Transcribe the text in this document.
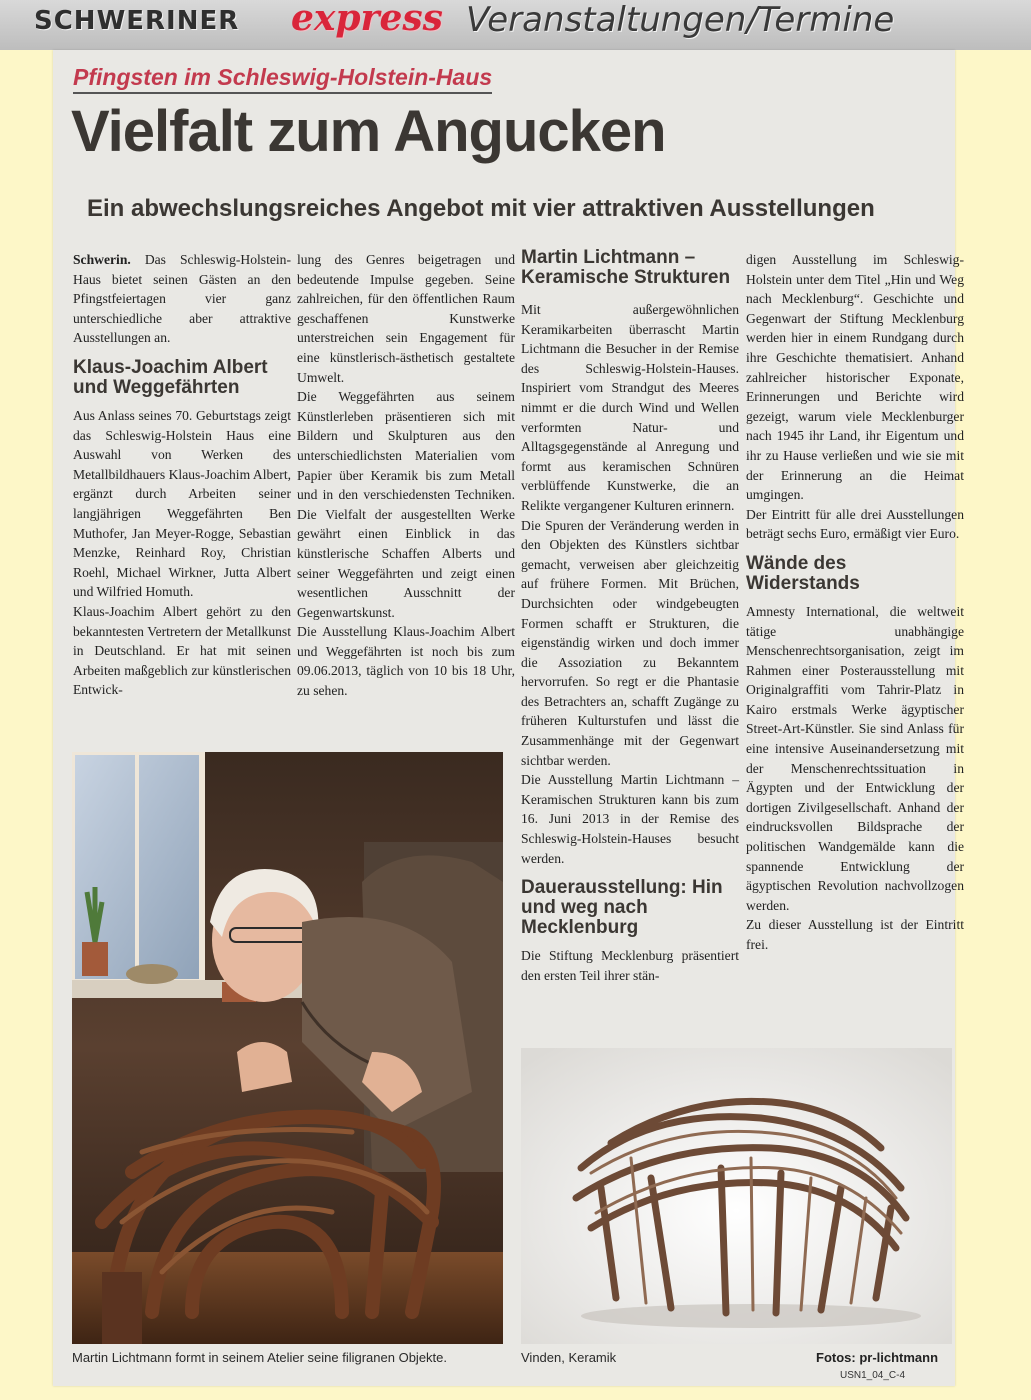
SCHWERINER express Veranstaltungen/Termine
Pfingsten im Schleswig-Holstein-Haus
Vielfalt zum Angucken
Ein abwechslungsreiches Angebot mit vier attraktiven Ausstellungen

Schwerin. Das Schleswig-Holstein-Haus bietet seinen Gästen an den Pfingstfeiertagen vier ganz unterschiedliche aber attraktive Ausstellungen an.

Klaus-Joachim Albert und Weggefährten

Aus Anlass seines 70. Geburtstags zeigt das Schleswig-Holstein Haus eine Auswahl von Werken des Metallbildhauers Klaus-Joachim Albert, ergänzt durch Arbeiten seiner langjährigen Weggefährten Ben Muthofer, Jan Meyer-Rogge, Sebastian Menzke, Reinhard Roy, Christian Roehl, Michael Wirkner, Jutta Albert und Wilfried Homuth.

Klaus-Joachim Albert gehört zu den bekanntesten Vertretern der Metallkunst in Deutschland. Er hat mit seinen Arbeiten maßgeblich zur künstlerischen Entwick-

lung des Genres beigetragen und bedeutende Impulse gegeben. Seine zahlreichen, für den öffentlichen Raum geschaffenen Kunstwerke unterstreichen sein Engagement für eine künstlerisch-ästhetisch gestaltete Umwelt.

Die Weggefährten aus seinem Künstlerleben präsentieren sich mit Bildern und Skulpturen aus den unterschiedlichsten Materialien vom Papier über Keramik bis zum Metall und in den verschiedensten Techniken. Die Vielfalt der ausgestellten Werke gewährt einen Einblick in das künstlerische Schaffen Alberts und seiner Weggefährten und zeigt einen wesentlichen Ausschnitt der Gegenwartskunst.

Die Ausstellung Klaus-Joachim Albert und Weggefährten ist noch bis zum 09.06.2013, täglich von 10 bis 18 Uhr, zu sehen.

Martin Lichtmann – Keramische Strukturen

Mit außergewöhnlichen Keramikarbeiten überrascht Martin Lichtmann die Besucher in der Remise des Schleswig-Holstein-Hauses. Inspiriert vom Strandgut des Meeres nimmt er die durch Wind und Wellen verformten Natur- und Alltagsgegenstände al Anregung und formt aus keramischen Schnüren verblüffende Kunstwerke, die an Relikte vergangener Kulturen erinnern.

Die Spuren der Veränderung werden in den Objekten des Künstlers sichtbar gemacht, verweisen aber gleichzeitig auf frühere Formen. Mit Brüchen, Durchsichten oder windgebeugten Formen schafft er Strukturen, die eigenständig wirken und doch immer die Assoziation zu Bekanntem hervorrufen. So regt er die Phantasie des Betrachters an, schafft Zugänge zu früheren Kulturstufen und lässt die Zusammenhänge mit der Gegenwart sichtbar werden.

Die Ausstellung Martin Lichtmann – Keramischen Strukturen kann bis zum 16. Juni 2013 in der Remise des Schleswig-Holstein-Hauses besucht werden.

Dauerausstellung: Hin und weg nach Mecklenburg

Die Stiftung Mecklenburg präsentiert den ersten Teil ihrer stän-

digen Ausstellung im Schleswig-Holstein unter dem Titel „Hin und Weg nach Mecklenburg“. Geschichte und Gegenwart der Stiftung Mecklenburg werden hier in einem Rundgang durch ihre Geschichte thematisiert. Anhand zahlreicher historischer Exponate, Erinnerungen und Berichte wird gezeigt, warum viele Mecklenburger nach 1945 ihr Land, ihr Eigentum und ihr zu Hause verließen und wie sie mit der Erinnerung an die Heimat umgingen.

Der Eintritt für alle drei Ausstellungen beträgt sechs Euro, ermäßigt vier Euro.

Wände des Widerstands

Amnesty International, die weltweit tätige unabhängige Menschenrechtsorganisation, zeigt im Rahmen einer Posterausstellung mit Originalgraffiti vom Tahrir-Platz in Kairo erstmals Werke ägyptischer Street-Art-Künstler. Sie sind Anlass für eine intensive Auseinandersetzung mit der Menschenrechtssituation in Ägypten und der Entwicklung der dortigen Zivilgesellschaft. Anhand der eindrucksvollen Bildsprache der politischen Wandgemälde kann die spannende Entwicklung der ägyptischen Revolution nachvollzogen werden.

Zu dieser Ausstellung ist der Eintritt frei.

Martin Lichtmann formt in seinem Atelier seine filigranen Objekte.	Vinden, Keramik	Fotos: pr-lichtmann
USN1_04_C-4
